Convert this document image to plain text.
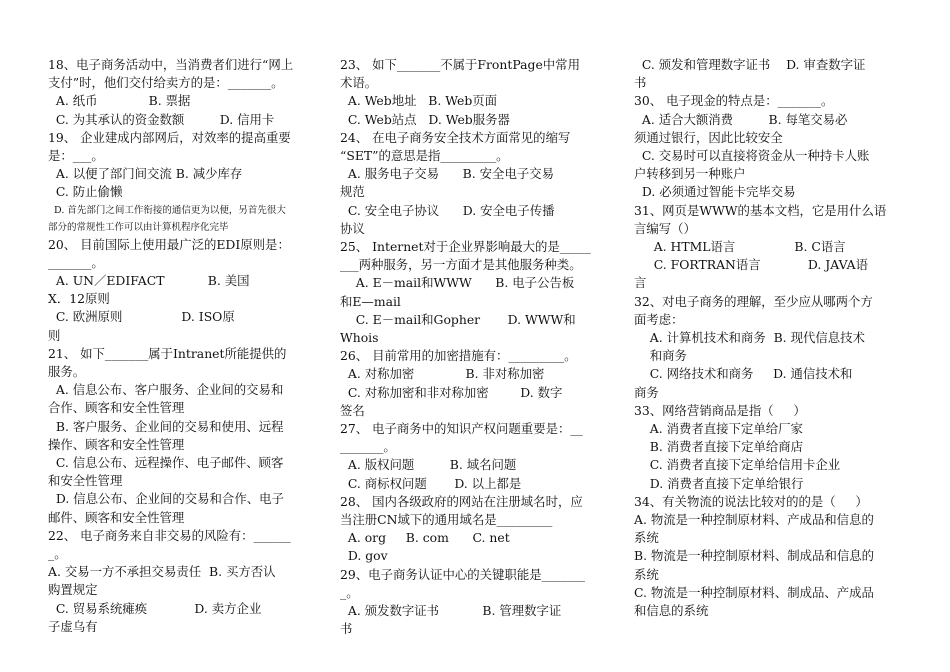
18、电子商务活动中，当消费者们进行“网上
支付”时，他们交付给卖方的是：_______。
A. 纸币             B. 票据
C. 为其承认的资金数额         D. 信用卡
19、 企业建成内部网后，对效率的提高重要
是：___。
A. 以便了部门间交流 B. 减少库存
C. 防止偷懒
D. 首先部门之间工作衔接的通信更为以便，另首先很大
部分的常规性工作可以由计算机程序化完毕
20、 目前国际上使用最广泛的EDI原则是：
_______。
A. UN／EDIFACT           B. 美国
X．12原则
C. 欧洲原则               D. ISO原
则
21、 如下_______属于Intranet所能提供的
服务。
A. 信息公布、客户服务、企业间的交易和
合作、顾客和安全性管理
B. 客户服务、企业间的交易和使用、远程
操作、顾客和安全性管理
C. 信息公布、远程操作、电子邮件、顾客
和安全性管理
D. 信息公布、企业间的交易和合作、电子
邮件、顾客和安全性管理
22、 电子商务来自非交易的风险有：______
_。
A. 交易一方不承担交易责任  B. 买方否认
购置规定
C. 贸易系统瘫痪            D. 卖方企业
子虚乌有
23、 如下_______不属于FrontPage中常用
术语。
A. Web地址   B. Web页面
C. Web站点   D. Web服务器
24、 在电子商务安全技术方面常见的缩写
“SET”的意思是指_________。
A. 服务电子交易      B. 安全电子交易
规范
C. 安全电子协议      D. 安全电子传播
协议
25、 Internet对于企业界影响最大的是_____
___两种服务，另一方面才是其他服务种类。
A. E－mail和WWW      B. 电子公告板
和E—mail
C. E－mail和Gopher       D. WWW和
Whois
26、 目前常用的加密措施有：_________。
A. 对称加密             B. 非对称加密
C. 对称加密和非对称加密        D. 数字
签名
27、 电子商务中的知识产权问题重要是：__
_______。
A. 版权问题         B. 域名问题
C. 商标权问题       D. 以上都是
28、 国内各级政府的网站在注册域名时，应
当注册CN域下的通用域名是_________
A. org     B. com      C. net
D. gov
29、电子商务认证中心的关键职能是_______
_。
A. 颁发数字证书           B. 管理数字证
书
C. 颁发和管理数字证书    D. 审查数字证
书
30、 电子现金的特点是：_______。
A. 适合大额消费         B. 每笔交易必
须通过银行，因此比较安全
C. 交易时可以直接将资金从一种持卡人账
户转移到另一种账户
D. 必须通过智能卡完毕交易
31、网页是WWW的基本文档，它是用什么语
言编写（）
A. HTML语言               B. C语言
C. FORTRAN语言            D. JAVA语
言
32、对电子商务的理解，至少应从哪两个方
面考虑：
A. 计算机技术和商务  B. 现代信息技术
和商务
C. 网络技术和商务     D. 通信技术和
商务
33、网络营销商品是指（     ）
A. 消费者直接下定单给厂家
B. 消费者直接下定单给商店
C. 消费者直接下定单给信用卡企业
D. 消费者直接下定单给银行
34、有关物流的说法比较对的的是（     ）
A. 物流是一种控制原材料、产成品和信息的
系统
B. 物流是一种控制原材料、制成品和信息的
系统
C. 物流是一种控制原材料、制成品、产成品
和信息的系统
